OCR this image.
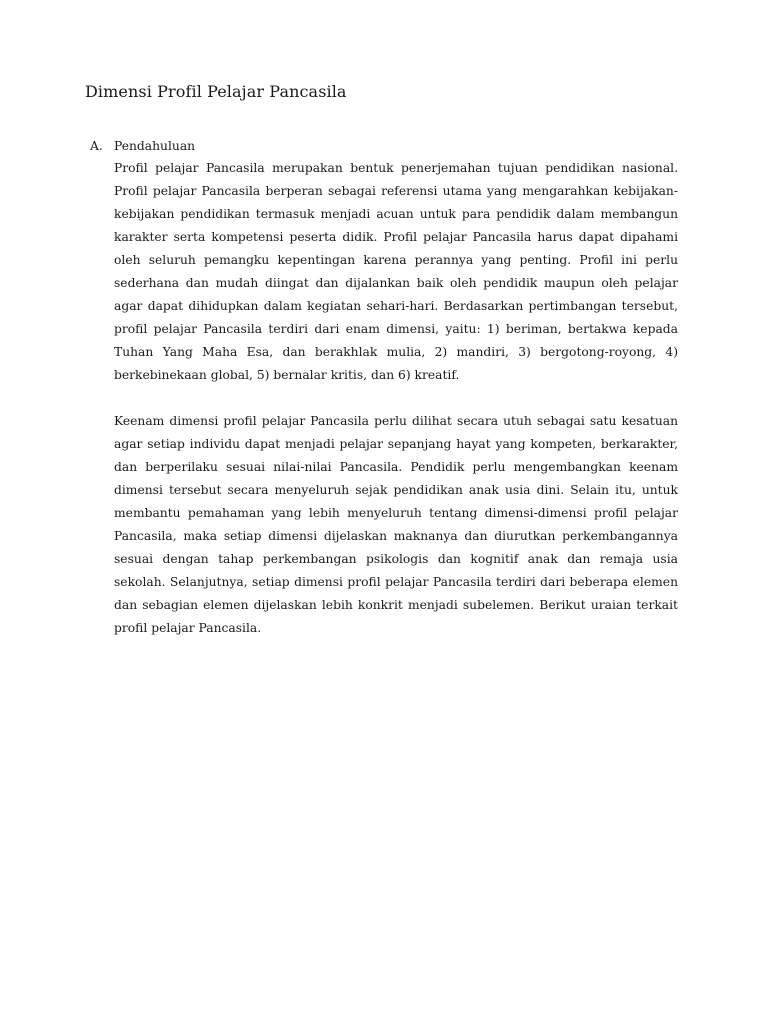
Dimensi Profil Pelajar Pancasila
A. Pendahuluan

Profil pelajar Pancasila merupakan bentuk penerjemahan tujuan pendidikan nasional. Profil pelajar Pancasila berperan sebagai referensi utama yang mengarahkan kebijakan-kebijakan pendidikan termasuk menjadi acuan untuk para pendidik dalam membangun karakter serta kompetensi peserta didik. Profil pelajar Pancasila harus dapat dipahami oleh seluruh pemangku kepentingan karena perannya yang penting. Profil ini perlu sederhana dan mudah diingat dan dijalankan baik oleh pendidik maupun oleh pelajar agar dapat dihidupkan dalam kegiatan sehari-hari. Berdasarkan pertimbangan tersebut, profil pelajar Pancasila terdiri dari enam dimensi, yaitu: 1) beriman, bertakwa kepada Tuhan Yang Maha Esa, dan berakhlak mulia, 2) mandiri, 3) bergotong-royong, 4) berkebinekaan global, 5) bernalar kritis, dan 6) kreatif.

Keenam dimensi profil pelajar Pancasila perlu dilihat secara utuh sebagai satu kesatuan agar setiap individu dapat menjadi pelajar sepanjang hayat yang kompeten, berkarakter, dan berperilaku sesuai nilai-nilai Pancasila. Pendidik perlu mengembangkan keenam dimensi tersebut secara menyeluruh sejak pendidikan anak usia dini. Selain itu, untuk membantu pemahaman yang lebih menyeluruh tentang dimensi-dimensi profil pelajar Pancasila, maka setiap dimensi dijelaskan maknanya dan diurutkan perkembangannya sesuai dengan tahap perkembangan psikologis dan kognitif anak dan remaja usia sekolah. Selanjutnya, setiap dimensi profil pelajar Pancasila terdiri dari beberapa elemen dan sebagian elemen dijelaskan lebih konkrit menjadi subelemen. Berikut uraian terkait profil pelajar Pancasila.
